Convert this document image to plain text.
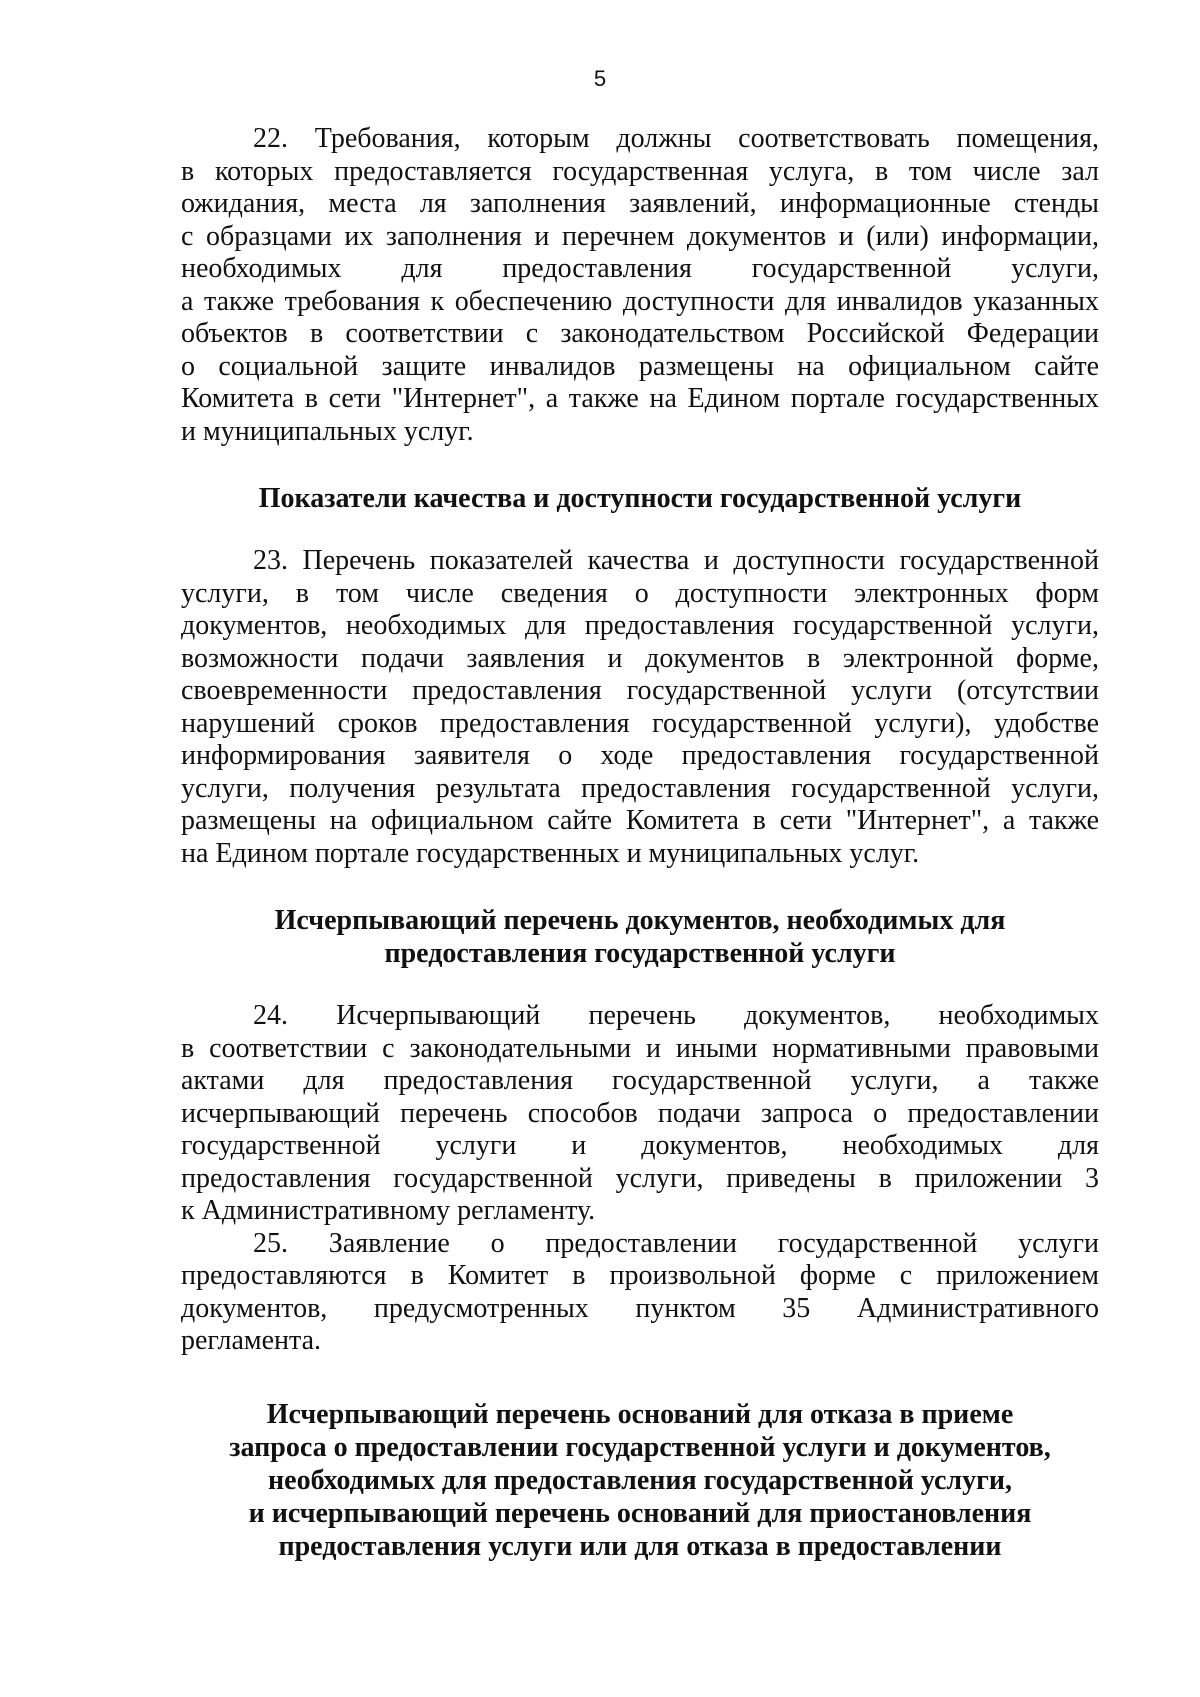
5
22. Требования, которым должны соответствовать помещения,
в которых предоставляется государственная услуга, в том числе зал
ожидания, места ля заполнения заявлений, информационные стенды
с образцами их заполнения и перечнем документов и (или) информации,
необходимых для предоставления государственной услуги,
а также требования к обеспечению доступности для инвалидов указанных
объектов в соответствии с законодательством Российской Федерации
о социальной защите инвалидов размещены на официальном сайте
Комитета в сети "Интернет", а также на Едином портале государственных
и муниципальных услуг.

Показатели качества и доступности государственной услуги

23. Перечень показателей качества и доступности государственной
услуги, в том числе сведения о доступности электронных форм
документов, необходимых для предоставления государственной услуги,
возможности подачи заявления и документов в электронной форме,
своевременности предоставления государственной услуги (отсутствии
нарушений сроков предоставления государственной услуги), удобстве
информирования заявителя о ходе предоставления государственной
услуги, получения результата предоставления государственной услуги,
размещены на официальном сайте Комитета в сети "Интернет", а также
на Едином портале государственных и муниципальных услуг.

Исчерпывающий перечень документов, необходимых для

предоставления государственной услуги

24. Исчерпывающий перечень документов, необходимых
в соответствии с законодательными и иными нормативными правовыми
актами для предоставления государственной услуги, а также
исчерпывающий перечень способов подачи запроса о предоставлении
государственной услуги и документов, необходимых для
предоставления государственной услуги, приведены в приложении 3
к Административному регламенту.
25. Заявление о предоставлении государственной услуги
предоставляются в Комитет в произвольной форме с приложением
документов, предусмотренных пунктом 35 Административного
регламента.

Исчерпывающий перечень оснований для отказа в приеме

запроса о предоставлении государственной услуги и документов,

необходимых для предоставления государственной услуги,

и исчерпывающий перечень оснований для приостановления

предоставления услуги или для отказа в предоставлении
